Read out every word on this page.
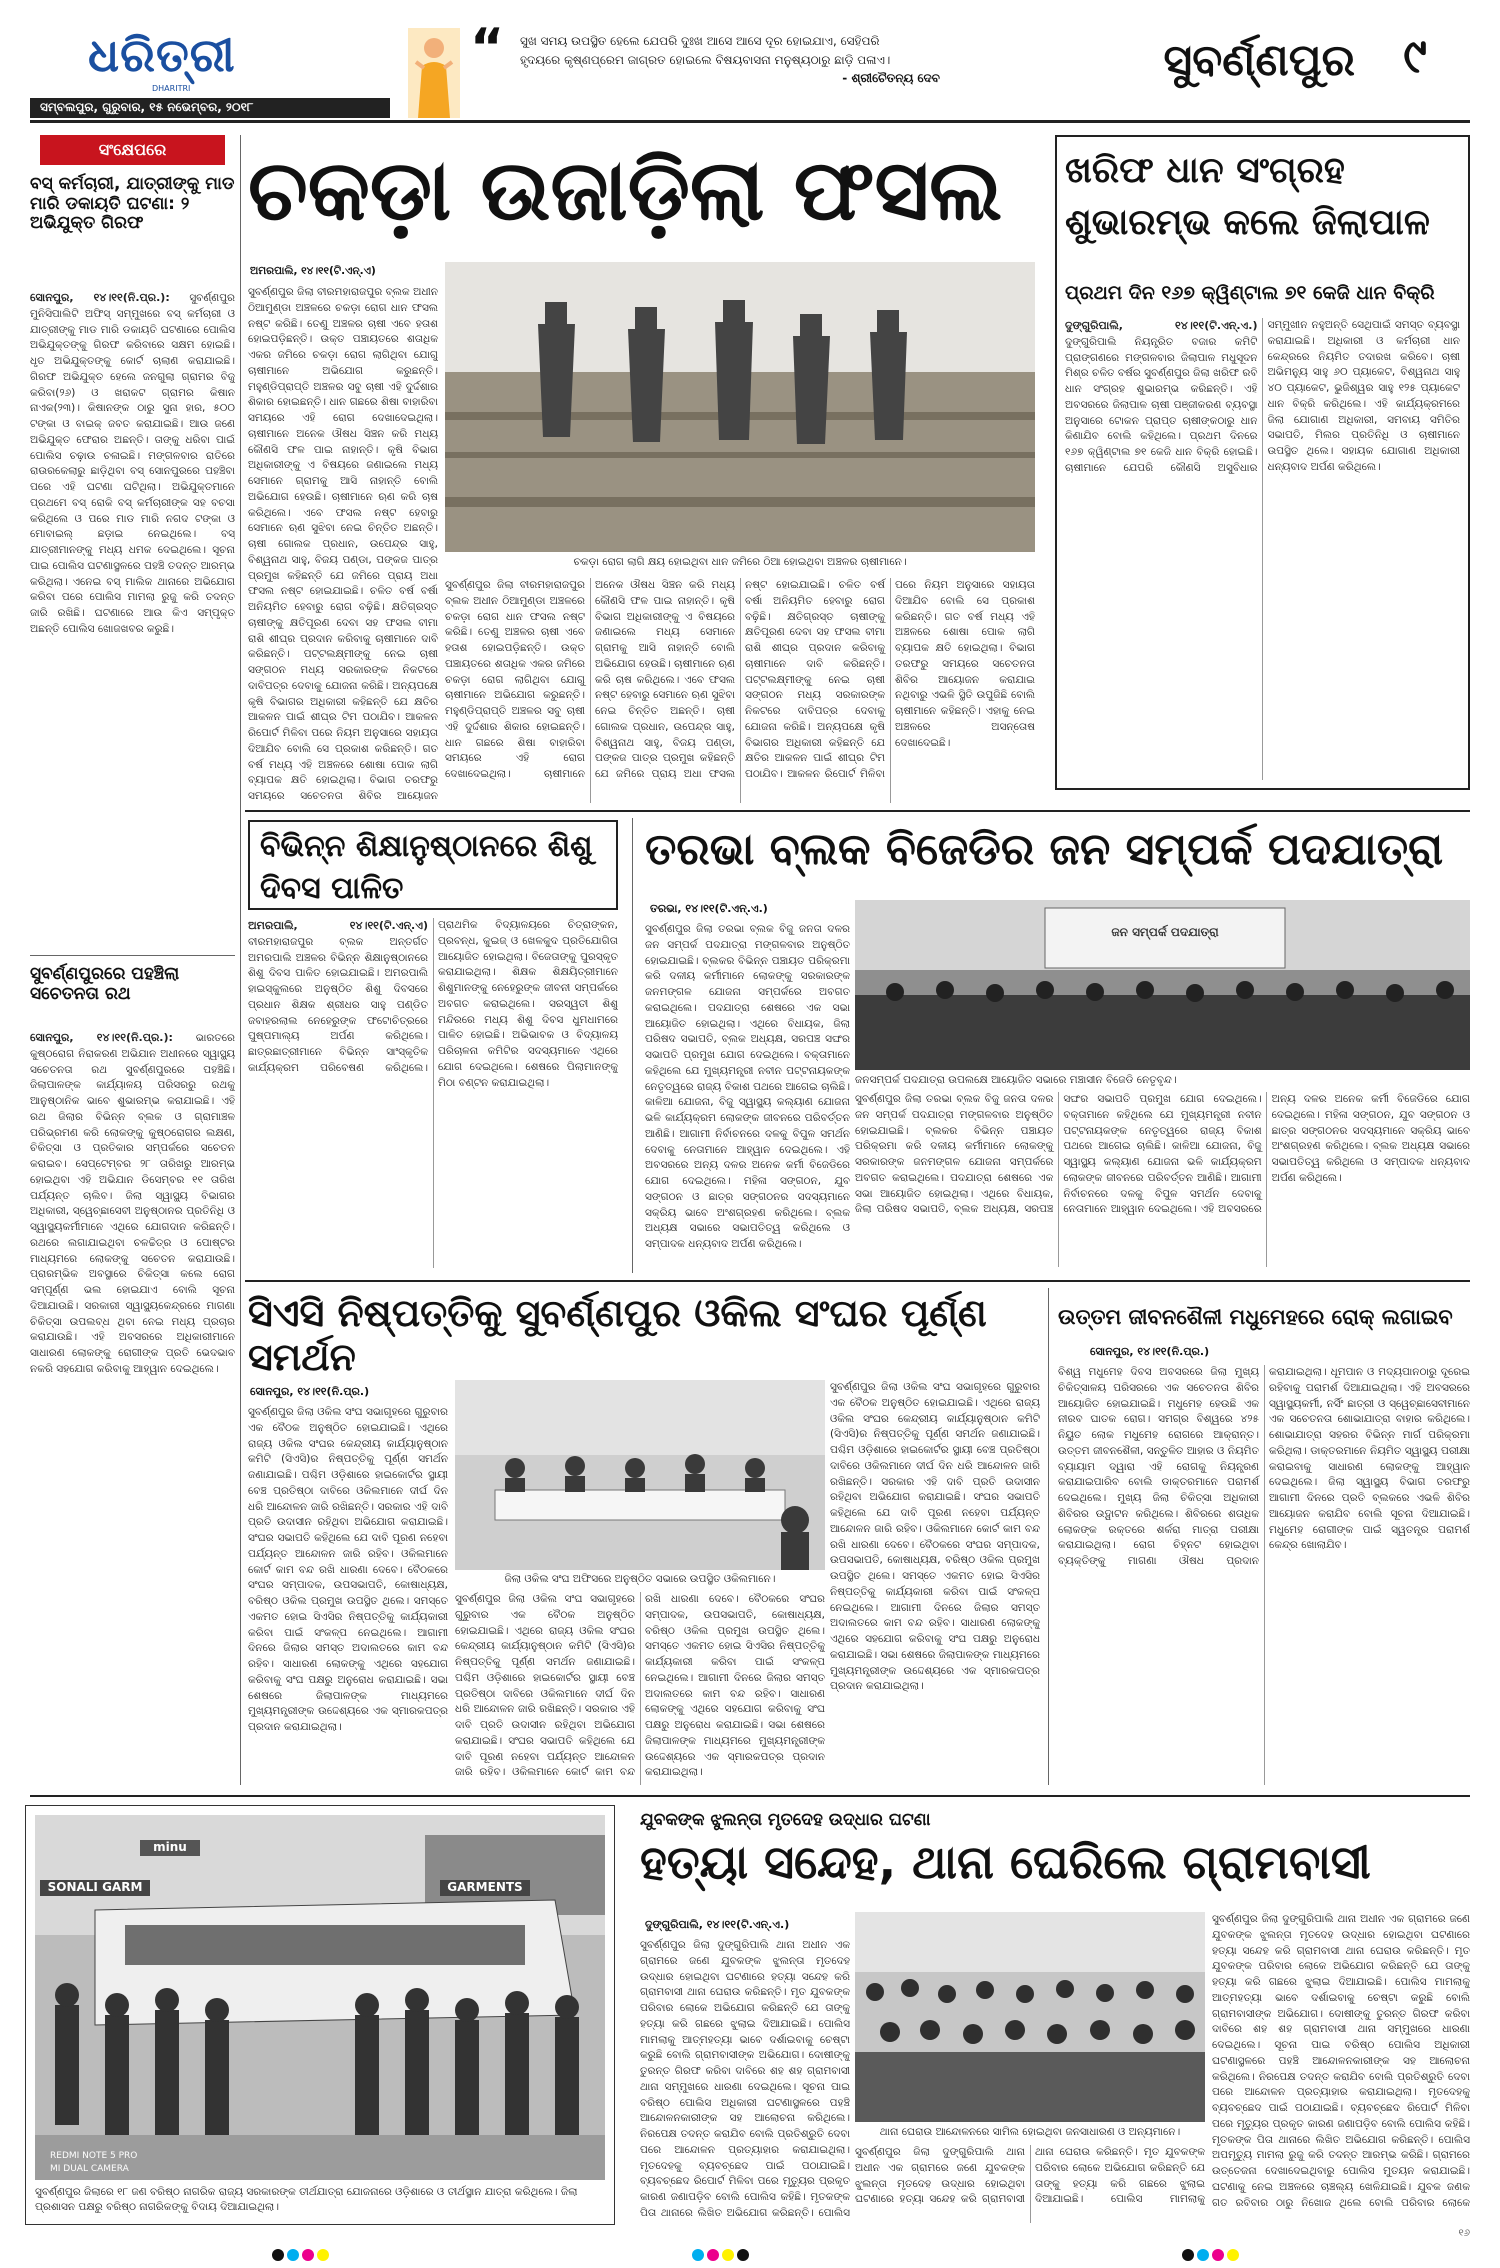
ଧରିତ୍ରୀ
DHARITRI
ସମ୍ବଲପୁର, ଗୁରୁବାର, ୧୫ ନଭେମ୍ବର, ୨୦୧୮
“ ସୁଖ ସମୟ ଉପସ୍ଥିତ ହେଲେ ଯେପରି ଦୁଃଖ ଆସେ ଆସେ ଦୂର ହୋଇଯାଏ, ସେହିପରି
ହୃଦୟରେ କୃଷ୍ଣପ୍ରେମ ଜାଗ୍ରତ ହୋଇଲେ ବିଷୟବାସନା ମନୁଷ୍ୟଠାରୁ ଛାଡ଼ି ପଳାଏ।
- ଶ୍ରୀଚୈତନ୍ୟ ଦେବ	ସୁବର୍ଣ୍ଣପୁର	୯
ସଂକ୍ଷେପରେ
ବସ୍ କର୍ମଚାରୀ, ଯାତ୍ରୀଙ୍କୁ ମାଡ ମାରି ଡକାୟତି ଘଟଣା: ୨ ଅଭିଯୁକ୍ତ ଗିରଫ

ସୋନପୁର, ୧୪।୧୧(ନି.ପ୍ର.): ସୁବର୍ଣ୍ଣପୁର ମୁନିସିପାଲିଟି ଅଫିସ୍ ସମ୍ମୁଖରେ ବସ୍ କର୍ମଚାରୀ ଓ ଯାତ୍ରୀଙ୍କୁ ମାଡ ମାରି ଡକାୟତି ଘଟଣାରେ ପୋଲିସ ଅଭିଯୁକ୍ତଙ୍କୁ ଗିରଫ କରିବାରେ ସକ୍ଷମ ହୋଇଛି। ଧୃତ ଅଭିଯୁକ୍ତଙ୍କୁ କୋର୍ଟ ଚାଲାଣ କରାଯାଇଛି। ଗିରଫ ଅଭିଯୁକ୍ତ ହେଲେ ଜନଗୁଲା ଗ୍ରାମର ବିଜୁ କରିବା(୨୬) ଓ ଖରାକଟ ଗ୍ରାମର କିଷାନ ନାଏକ(୨୩)। କିଷାନଙ୍କ ଠାରୁ ସୁନା ହାର, ୫୦୦ ଟଙ୍କା ଓ ବାଇକ୍ ଜବତ କରାଯାଇଛି। ଆଉ ଜଣେ ଅଭିଯୁକ୍ତ ଫେରାର ଅଛନ୍ତି। ତାଙ୍କୁ ଧରିବା ପାଇଁ ପୋଲିସ ଚଢ଼ାଉ ଚଳାଇଛି। ମଙ୍ଗଳବାର ରାତିରେ ରାଉରକେଲାରୁ ଛାଡ଼ିଥିବା ବସ୍ ସୋନପୁରରେ ପହଞ୍ଚିବା ପରେ ଏହି ଘଟଣା ଘଟିଥିଲା। ଅଭିଯୁକ୍ତମାନେ ପ୍ରଥମେ ବସ୍ ରୋକି ବସ୍ କର୍ମଚାରୀଙ୍କ ସହ ବଚସା କରିଥିଲେ ଓ ପରେ ମାଡ ମାରି ନଗଦ ଟଙ୍କା ଓ ମୋବାଇଲ୍ ଛଡ଼ାଇ ନେଇଥିଲେ। ବସ୍ ଯାତ୍ରୀମାନଙ୍କୁ ମଧ୍ୟ ଧମକ ଦେଇଥିଲେ। ସୂଚନା ପାଇ ପୋଲିସ ଘଟଣାସ୍ଥଳରେ ପହଞ୍ଚି ତଦନ୍ତ ଆରମ୍ଭ କରିଥିଲା। ଏନେଇ ବସ୍ ମାଲିକ ଥାନାରେ ଅଭିଯୋଗ କରିବା ପରେ ପୋଲିସ ମାମଲା ରୁଜୁ କରି ତଦନ୍ତ ଜାରି ରଖିଛି। ଘଟଣାରେ ଆଉ କିଏ ସମ୍ପୃକ୍ତ ଅଛନ୍ତି ପୋଲିସ ଖୋଜଖବର କରୁଛି।

ସୁବର୍ଣ୍ଣପୁରରେ ପହଞ୍ଚିଲା ସଚେତନତା ରଥ

ସୋନପୁର, ୧୪।୧୧(ନି.ପ୍ର.): ଭାରତରେ କୁଷ୍ଠରୋଗ ନିରାକରଣ ଅଭିଯାନ ଅଧୀନରେ ସ୍ୱାସ୍ଥ୍ୟ ସଚେତନତା ରଥ ସୁବର୍ଣ୍ଣପୁରରେ ପହଞ୍ଚିଛି। ଜିଲାପାଳଙ୍କ କାର୍ଯ୍ୟାଳୟ ପରିସରରୁ ରଥକୁ ଆନୁଷ୍ଠାନିକ ଭାବେ ଶୁଭାରମ୍ଭ କରାଯାଇଛି। ଏହି ରଥ ଜିଲାର ବିଭିନ୍ନ ବ୍ଲକ ଓ ଗ୍ରାମାଞ୍ଚଳ ପରିଭ୍ରମଣ କରି ଲୋକଙ୍କୁ କୁଷ୍ଠରୋଗର ଲକ୍ଷଣ, ଚିକିତ୍ସା ଓ ପ୍ରତିକାର ସମ୍ପର୍କରେ ସଚେତନ କରାଇବ। ସେପ୍ଟେମ୍ବର ୨୮ ତାରିଖରୁ ଆରମ୍ଭ ହୋଇଥିବା ଏହି ଅଭିଯାନ ଡିସେମ୍ବର ୧୧ ତାରିଖ ପର୍ଯ୍ୟନ୍ତ ଚାଲିବ। ଜିଲା ସ୍ୱାସ୍ଥ୍ୟ ବିଭାଗର ଅଧିକାରୀ, ସ୍ୱେଚ୍ଛାସେବୀ ଅନୁଷ୍ଠାନର ପ୍ରତିନିଧି ଓ ସ୍ୱାସ୍ଥ୍ୟକର୍ମୀମାନେ ଏଥିରେ ଯୋଗଦାନ କରିଛନ୍ତି। ରଥରେ ଲଗାଯାଇଥିବା ଚଳଚ୍ଚିତ୍ର ଓ ପୋଷ୍ଟର ମାଧ୍ୟମରେ ଲୋକଙ୍କୁ ସଚେତନ କରାଯାଉଛି। ପ୍ରାରମ୍ଭିକ ଅବସ୍ଥାରେ ଚିକିତ୍ସା କଲେ ରୋଗ ସମ୍ପୂର୍ଣ୍ଣ ଭଲ ହୋଇଯାଏ ବୋଲି ସୂଚନା ଦିଆଯାଉଛି। ସରକାରୀ ସ୍ୱାସ୍ଥ୍ୟକେନ୍ଦ୍ରରେ ମାଗଣା ଚିକିତ୍ସା ଉପଲବ୍ଧ ଥିବା ନେଇ ମଧ୍ୟ ପ୍ରଚାର କରାଯାଉଛି। ଏହି ଅବସରରେ ଅଧିକାରୀମାନେ ସାଧାରଣ ଲୋକଙ୍କୁ ରୋଗୀଙ୍କ ପ୍ରତି ଭେଦଭାବ ନକରି ସହଯୋଗ କରିବାକୁ ଆହ୍ୱାନ ଦେଇଥିଲେ।

ଚକଡ଼ା ଉଜାଡ଼ିଲା ଫସଲ
ଅମରପାଲି, ୧୪।୧୧(ଟି.ଏନ୍.ଏ)
ଚକଡ଼ା ରୋଗ ଲାଗି କ୍ଷୟ ହୋଇଥିବା ଧାନ ଜମିରେ ଠିଆ ହୋଇଥିବା ଅଞ୍ଚଳର ଚାଷୀମାନେ।

ସୁବର୍ଣ୍ଣପୁର ଜିଲା ବୀରମହାରାଜପୁର ବ୍ଲକ ଅଧୀନ ଠିଆମୁଣ୍ଡା ଅଞ୍ଚଳରେ ଚକଡ଼ା ରୋଗ ଧାନ ଫସଲ ନଷ୍ଟ କରିଛି। ତେଣୁ ଅଞ୍ଚଳର ଚାଷୀ ଏବେ ହତାଶ ହୋଇପଡ଼ିଛନ୍ତି। ଉକ୍ତ ପଞ୍ଚାୟତରେ ଶତାଧିକ ଏକର ଜମିରେ ଚକଡ଼ା ରୋଗ ଲାଗିଥିବା ଯୋଗୁ ଚାଷୀମାନେ ଅଭିଯୋଗ କରୁଛନ୍ତି। ମହୁଣ୍ଡିପ୍ରାପ୍ତି ଅଞ୍ଚଳର ସବୁ ଚାଷୀ ଏହି ଦୁର୍ଦ୍ଦଶାର ଶିକାର ହୋଇଛନ୍ତି। ଧାନ ଗଛରେ ଶିଷା ବାହାରିବା ସମୟରେ ଏହି ରୋଗ ଦେଖାଦେଇଥିଲା। ଚାଷୀମାନେ ଅନେକ ଔଷଧ ସିଞ୍ଚନ କରି ମଧ୍ୟ କୌଣସି ଫଳ ପାଇ ନାହାନ୍ତି। କୃଷି ବିଭାଗ ଅଧିକାରୀଙ୍କୁ ଏ ବିଷୟରେ ଜଣାଇଲେ ମଧ୍ୟ ସେମାନେ ଗ୍ରାମକୁ ଆସି ନାହାନ୍ତି ବୋଲି ଅଭିଯୋଗ ହେଉଛି। ଚାଷୀମାନେ ଋଣ କରି ଚାଷ କରିଥିଲେ। ଏବେ ଫସଲ ନଷ୍ଟ ହେବାରୁ ସେମାନେ ଋଣ ସୁଝିବା ନେଇ ଚିନ୍ତିତ ଅଛନ୍ତି। ଚାଷୀ ଗୋଲକ ପ୍ରଧାନ, ଉପେନ୍ଦ୍ର ସାହୁ, ବିଶ୍ୱନାଥ ସାହୁ, ବିଜୟ ପଣ୍ଡା, ପଙ୍କଜ ପାତ୍ର ପ୍ରମୁଖ କହିଛନ୍ତି ଯେ ଜମିରେ ପ୍ରାୟ ଅଧା ଫସଲ ନଷ୍ଟ ହୋଇଯାଇଛି। ଚଳିତ ବର୍ଷ ବର୍ଷା ଅନିୟମିତ ହେବାରୁ ରୋଗ ବଢ଼ିଛି। କ୍ଷତିଗ୍ରସ୍ତ ଚାଷୀଙ୍କୁ କ୍ଷତିପୂରଣ ଦେବା ସହ ଫସଲ ବୀମା ରାଶି ଶୀଘ୍ର ପ୍ରଦାନ କରିବାକୁ ଚାଷୀମାନେ ଦାବି କରିଛନ୍ତି। ପଟ୍ଟଲକ୍ଷ୍ମୀଙ୍କୁ ନେଇ ଚାଷୀ ସଙ୍ଗଠନ ମଧ୍ୟ ସରକାରଙ୍କ ନିକଟରେ ଦାବିପତ୍ର ଦେବାକୁ ଯୋଜନା କରିଛି। ଅନ୍ୟପକ୍ଷେ କୃଷି ବିଭାଗର ଅଧିକାରୀ କହିଛନ୍ତି ଯେ କ୍ଷତିର ଆକଳନ ପାଇଁ ଶୀଘ୍ର ଟିମ ପଠାଯିବ। ଆକଳନ ରିପୋର୍ଟ ମିଳିବା ପରେ ନିୟମ ଅନୁସାରେ ସହାୟତା ଦିଆଯିବ ବୋଲି ସେ ପ୍ରକାଶ କରିଛନ୍ତି। ଗତ ବର୍ଷ ମଧ୍ୟ ଏହି ଅଞ୍ଚଳରେ ଶୋଷା ପୋକ ଲାଗି ବ୍ୟାପକ କ୍ଷତି ହୋଇଥିଲା। ବିଭାଗ ତରଫରୁ ସମୟରେ ସଚେତନତା ଶିବିର ଆୟୋଜନ

ସୁବର୍ଣ୍ଣପୁର ଜିଲା ବୀରମହାରାଜପୁର ବ୍ଲକ ଅଧୀନ ଠିଆମୁଣ୍ଡା ଅଞ୍ଚଳରେ ଚକଡ଼ା ରୋଗ ଧାନ ଫସଲ ନଷ୍ଟ କରିଛି। ତେଣୁ ଅଞ୍ଚଳର ଚାଷୀ ଏବେ ହତାଶ ହୋଇପଡ଼ିଛନ୍ତି। ଉକ୍ତ ପଞ୍ଚାୟତରେ ଶତାଧିକ ଏକର ଜମିରେ ଚକଡ଼ା ରୋଗ ଲାଗିଥିବା ଯୋଗୁ ଚାଷୀମାନେ ଅଭିଯୋଗ କରୁଛନ୍ତି। ମହୁଣ୍ଡିପ୍ରାପ୍ତି ଅଞ୍ଚଳର ସବୁ ଚାଷୀ ଏହି ଦୁର୍ଦ୍ଦଶାର ଶିକାର ହୋଇଛନ୍ତି। ଧାନ ଗଛରେ ଶିଷା ବାହାରିବା ସମୟରେ ଏହି ରୋଗ ଦେଖାଦେଇଥିଲା। ଚାଷୀମାନେ ଅନେକ ଔଷଧ ସିଞ୍ଚନ କରି ମଧ୍ୟ କୌଣସି ଫଳ ପାଇ ନାହାନ୍ତି। କୃଷି ବିଭାଗ ଅଧିକାରୀଙ୍କୁ ଏ ବିଷୟରେ ଜଣାଇଲେ ମଧ୍ୟ ସେମାନେ ଗ୍ରାମକୁ ଆସି ନାହାନ୍ତି ବୋଲି ଅଭିଯୋଗ ହେଉଛି। ଚାଷୀମାନେ ଋଣ କରି ଚାଷ କରିଥିଲେ। ଏବେ ଫସଲ ନଷ୍ଟ ହେବାରୁ ସେମାନେ ଋଣ ସୁଝିବା ନେଇ ଚିନ୍ତିତ ଅଛନ୍ତି। ଚାଷୀ ଗୋଲକ ପ୍ରଧାନ, ଉପେନ୍ଦ୍ର ସାହୁ, ବିଶ୍ୱନାଥ ସାହୁ, ବିଜୟ ପଣ୍ଡା, ପଙ୍କଜ ପାତ୍ର ପ୍ରମୁଖ କହିଛନ୍ତି ଯେ ଜମିରେ ପ୍ରାୟ ଅଧା ଫସଲ ନଷ୍ଟ ହୋଇଯାଇଛି। ଚଳିତ ବର୍ଷ ବର୍ଷା ଅନିୟମିତ ହେବାରୁ ରୋଗ ବଢ଼ିଛି। କ୍ଷତିଗ୍ରସ୍ତ ଚାଷୀଙ୍କୁ କ୍ଷତିପୂରଣ ଦେବା ସହ ଫସଲ ବୀମା ରାଶି ଶୀଘ୍ର ପ୍ରଦାନ କରିବାକୁ ଚାଷୀମାନେ ଦାବି କରିଛନ୍ତି। ପଟ୍ଟଲକ୍ଷ୍ମୀଙ୍କୁ ନେଇ ଚାଷୀ ସଙ୍ଗଠନ ମଧ୍ୟ ସରକାରଙ୍କ ନିକଟରେ ଦାବିପତ୍ର ଦେବାକୁ ଯୋଜନା କରିଛି। ଅନ୍ୟପକ୍ଷେ କୃଷି ବିଭାଗର ଅଧିକାରୀ କହିଛନ୍ତି ଯେ କ୍ଷତିର ଆକଳନ ପାଇଁ ଶୀଘ୍ର ଟିମ ପଠାଯିବ। ଆକଳନ ରିପୋର୍ଟ ମିଳିବା ପରେ ନିୟମ ଅନୁସାରେ ସହାୟତା ଦିଆଯିବ ବୋଲି ସେ ପ୍ରକାଶ କରିଛନ୍ତି। ଗତ ବର୍ଷ ମଧ୍ୟ ଏହି ଅଞ୍ଚଳରେ ଶୋଷା ପୋକ ଲାଗି ବ୍ୟାପକ କ୍ଷତି ହୋଇଥିଲା। ବିଭାଗ ତରଫରୁ ସମୟରେ ସଚେତନତା ଶିବିର ଆୟୋଜନ କରାଯାଇ ନଥିବାରୁ ଏଭଳି ସ୍ଥିତି ଉପୁଜିଛି ବୋଲି ଚାଷୀମାନେ କହିଛନ୍ତି। ଏହାକୁ ନେଇ ଅଞ୍ଚଳରେ ଅସନ୍ତୋଷ ଦେଖାଦେଇଛି।

ଖରିଫ ଧାନ ସଂଗ୍ରହ ଶୁଭାରମ୍ଭ କଲେ ଜିଲାପାଳ
ପ୍ରଥମ ଦିନ ୧୬୭ କ୍ୱିଣ୍ଟାଲ ୭୧ କେଜି ଧାନ ବିକ୍ରି

ଦୁଙ୍ଗୁରିପାଲି, ୧୪।୧୧(ଟି.ଏନ୍.ଏ.) ଦୁଙ୍ଗୁରିପାଲି ନିୟନ୍ତ୍ରିତ ବଜାର କମିଟି ପ୍ରାଙ୍ଗଣରେ ମଙ୍ଗଳବାର ଜିଲାପାଳ ମଧୁସୂଦନ ମିଶ୍ର ଚଳିତ ବର୍ଷର ସୁବର୍ଣ୍ଣପୁର ଜିଲା ଖରିଫ ରବି ଧାନ ସଂଗ୍ରହ ଶୁଭାରମ୍ଭ କରିଛନ୍ତି। ଏହି ଅବସରରେ ଜିଲାପାଳ ଚାଷୀ ପଞ୍ଜୀକରଣ ବ୍ୟବସ୍ଥା ଅନୁସାରେ ଟୋକନ ପ୍ରାପ୍ତ ଚାଷୀଙ୍କଠାରୁ ଧାନ କିଣାଯିବ ବୋଲି କହିଥିଲେ। ପ୍ରଥମ ଦିନରେ ୧୬୭ କ୍ୱିଣ୍ଟାଲ ୭୧ କେଜି ଧାନ ବିକ୍ରି ହୋଇଛି। ଚାଷୀମାନେ ଯେପରି କୌଣସି ଅସୁବିଧାର ସମ୍ମୁଖୀନ ନହୁଅନ୍ତି ସେଥିପାଇଁ ସମସ୍ତ ବ୍ୟବସ୍ଥା କରାଯାଇଛି। ଅଧିକାରୀ ଓ କର୍ମଚାରୀ ଧାନ କେନ୍ଦ୍ରରେ ନିୟମିତ ତଦାରଖ କରିବେ। ଚାଷୀ ଅଭିମନ୍ୟୁ ସାହୁ ୬୦ ପ୍ୟାକେଟ, ବିଶ୍ୱନାଥ ସାହୁ ୪୦ ପ୍ୟାକେଟ, ଭୁଜିଶ୍ୱର ସାହୁ ୧୨୫ ପ୍ୟାକେଟ ଧାନ ବିକ୍ରି କରିଥିଲେ। ଏହି କାର୍ଯ୍ୟକ୍ରମରେ ଜିଲା ଯୋଗାଣ ଅଧିକାରୀ, ସମବାୟ ସମିତିର ସଭାପତି, ମିଲର ପ୍ରତିନିଧି ଓ ଚାଷୀମାନେ ଉପସ୍ଥିତ ଥିଲେ। ସହାୟକ ଯୋଗାଣ ଅଧିକାରୀ ଧନ୍ୟବାଦ ଅର୍ପଣ କରିଥିଲେ।

ବିଭିନ୍ନ ଶିକ୍ଷାନୁଷ୍ଠାନରେ ଶିଶୁ ଦିବସ ପାଳିତ

ଅମରପାଲି, ୧୪।୧୧(ଟି.ଏନ୍.ଏ) ବୀରମହାରାଜପୁର ବ୍ଲକ ଅନ୍ତର୍ଗତ ଅମରପାଲି ଅଞ୍ଚଳର ବିଭିନ୍ନ ଶିକ୍ଷାନୁଷ୍ଠାନରେ ଶିଶୁ ଦିବସ ପାଳିତ ହୋଇଯାଇଛି। ଅମରପାଲି ହାଇସ୍କୁଲରେ ଅନୁଷ୍ଠିତ ଶିଶୁ ଦିବସରେ ପ୍ରଧାନ ଶିକ୍ଷକ ଶ୍ରୀଧର ସାହୁ ପଣ୍ଡିତ ଜବାହରଲାଲ ନେହେରୁଙ୍କ ଫଟୋଚିତ୍ରରେ ପୁଷ୍ପମାଲ୍ୟ ଅର୍ପଣ କରିଥିଲେ। ଛାତ୍ରଛାତ୍ରୀମାନେ ବିଭିନ୍ନ ସାଂସ୍କୃତିକ କାର୍ଯ୍ୟକ୍ରମ ପରିବେଷଣ କରିଥିଲେ। ପ୍ରାଥମିକ ବିଦ୍ୟାଳୟରେ ଚିତ୍ରାଙ୍କନ, ପ୍ରବନ୍ଧ, କୁଇଜ୍ ଓ ଖେଳକୁଦ ପ୍ରତିଯୋଗିତା ଆୟୋଜିତ ହୋଇଥିଲା। ବିଜେତାଙ୍କୁ ପୁରସ୍କୃତ କରାଯାଇଥିଲା। ଶିକ୍ଷକ ଶିକ୍ଷୟିତ୍ରୀମାନେ ଶିଶୁମାନଙ୍କୁ ନେହେରୁଙ୍କ ଜୀବନୀ ସମ୍ପର୍କରେ ଅବଗତ କରାଇଥିଲେ। ସରସ୍ୱତୀ ଶିଶୁ ମନ୍ଦିରରେ ମଧ୍ୟ ଶିଶୁ ଦିବସ ଧୁମଧାମରେ ପାଳିତ ହୋଇଛି। ଅଭିଭାବକ ଓ ବିଦ୍ୟାଳୟ ପରିଚାଳନା କମିଟିର ସଦସ୍ୟମାନେ ଏଥିରେ ଯୋଗ ଦେଇଥିଲେ। ଶେଷରେ ପିଲାମାନଙ୍କୁ ମିଠା ବଣ୍ଟନ କରାଯାଇଥିଲା।

ତରଭା ବ୍ଲକ ବିଜେଡିର ଜନ ସମ୍ପର୍କ ପଦଯାତ୍ରା
ତରଭା, ୧୪।୧୧(ଟି.ଏନ୍.ଏ.)
ଜନ ସମ୍ପର୍କ ପଦଯାତ୍ରା
ଜନସମ୍ପର୍କ ପଦଯାତ୍ରା ଉପଲକ୍ଷେ ଆୟୋଜିତ ସଭାରେ ମଞ୍ଚାସୀନ ବିଜେଡି ନେତୃବୃନ୍ଦ।

ସୁବର୍ଣ୍ଣପୁର ଜିଲା ତରଭା ବ୍ଲକ ବିଜୁ ଜନତା ଦଳର ଜନ ସମ୍ପର୍କ ପଦଯାତ୍ରା ମଙ୍ଗଳବାର ଅନୁଷ୍ଠିତ ହୋଇଯାଇଛି। ବ୍ଲକର ବିଭିନ୍ନ ପଞ୍ଚାୟତ ପରିକ୍ରମା କରି ଦଳୀୟ କର୍ମୀମାନେ ଲୋକଙ୍କୁ ସରକାରଙ୍କ ଜନମଙ୍ଗଳ ଯୋଜନା ସମ୍ପର୍କରେ ଅବଗତ କରାଇଥିଲେ। ପଦଯାତ୍ରା ଶେଷରେ ଏକ ସଭା ଆୟୋଜିତ ହୋଇଥିଲା। ଏଥିରେ ବିଧାୟକ, ଜିଲା ପରିଷଦ ସଭାପତି, ବ୍ଲକ ଅଧ୍ୟକ୍ଷ, ସରପଞ୍ଚ ସଙ୍ଘର ସଭାପତି ପ୍ରମୁଖ ଯୋଗ ଦେଇଥିଲେ। ବକ୍ତାମାନେ କହିଥିଲେ ଯେ ମୁଖ୍ୟମନ୍ତ୍ରୀ ନବୀନ ପଟ୍ଟନାୟକଙ୍କ ନେତୃତ୍ୱରେ ରାଜ୍ୟ ବିକାଶ ପଥରେ ଆଗେଇ ଚାଲିଛି। କାଳିଆ ଯୋଜନା, ବିଜୁ ସ୍ୱାସ୍ଥ୍ୟ କଲ୍ୟାଣ ଯୋଜନା ଭଳି କାର୍ଯ୍ୟକ୍ରମ ଲୋକଙ୍କ ଜୀବନରେ ପରିବର୍ତ୍ତନ ଆଣିଛି। ଆଗାମୀ ନିର୍ବାଚନରେ ଦଳକୁ ବିପୁଳ ସମର୍ଥନ ଦେବାକୁ ନେତାମାନେ ଆହ୍ୱାନ ଦେଇଥିଲେ। ଏହି ଅବସରରେ ଅନ୍ୟ ଦଳର ଅନେକ କର୍ମୀ ବିଜେଡିରେ ଯୋଗ ଦେଇଥିଲେ। ମହିଳା ସଙ୍ଗଠନ, ଯୁବ ସଙ୍ଗଠନ ଓ ଛାତ୍ର ସଙ୍ଗଠନର ସଦସ୍ୟମାନେ ସକ୍ରିୟ ଭାବେ ଅଂଶଗ୍ରହଣ କରିଥିଲେ। ବ୍ଲକ ଅଧ୍ୟକ୍ଷ ସଭାରେ ସଭାପତିତ୍ୱ କରିଥିଲେ ଓ ସମ୍ପାଦକ ଧନ୍ୟବାଦ ଅର୍ପଣ କରିଥିଲେ।

ସୁବର୍ଣ୍ଣପୁର ଜିଲା ତରଭା ବ୍ଲକ ବିଜୁ ଜନତା ଦଳର ଜନ ସମ୍ପର୍କ ପଦଯାତ୍ରା ମଙ୍ଗଳବାର ଅନୁଷ୍ଠିତ ହୋଇଯାଇଛି। ବ୍ଲକର ବିଭିନ୍ନ ପଞ୍ଚାୟତ ପରିକ୍ରମା କରି ଦଳୀୟ କର୍ମୀମାନେ ଲୋକଙ୍କୁ ସରକାରଙ୍କ ଜନମଙ୍ଗଳ ଯୋଜନା ସମ୍ପର୍କରେ ଅବଗତ କରାଇଥିଲେ। ପଦଯାତ୍ରା ଶେଷରେ ଏକ ସଭା ଆୟୋଜିତ ହୋଇଥିଲା। ଏଥିରେ ବିଧାୟକ, ଜିଲା ପରିଷଦ ସଭାପତି, ବ୍ଲକ ଅଧ୍ୟକ୍ଷ, ସରପଞ୍ଚ ସଙ୍ଘର ସଭାପତି ପ୍ରମୁଖ ଯୋଗ ଦେଇଥିଲେ। ବକ୍ତାମାନେ କହିଥିଲେ ଯେ ମୁଖ୍ୟମନ୍ତ୍ରୀ ନବୀନ ପଟ୍ଟନାୟକଙ୍କ ନେତୃତ୍ୱରେ ରାଜ୍ୟ ବିକାଶ ପଥରେ ଆଗେଇ ଚାଲିଛି। କାଳିଆ ଯୋଜନା, ବିଜୁ ସ୍ୱାସ୍ଥ୍ୟ କଲ୍ୟାଣ ଯୋଜନା ଭଳି କାର୍ଯ୍ୟକ୍ରମ ଲୋକଙ୍କ ଜୀବନରେ ପରିବର୍ତ୍ତନ ଆଣିଛି। ଆଗାମୀ ନିର୍ବାଚନରେ ଦଳକୁ ବିପୁଳ ସମର୍ଥନ ଦେବାକୁ ନେତାମାନେ ଆହ୍ୱାନ ଦେଇଥିଲେ। ଏହି ଅବସରରେ ଅନ୍ୟ ଦଳର ଅନେକ କର୍ମୀ ବିଜେଡିରେ ଯୋଗ ଦେଇଥିଲେ। ମହିଳା ସଙ୍ଗଠନ, ଯୁବ ସଙ୍ଗଠନ ଓ ଛାତ୍ର ସଙ୍ଗଠନର ସଦସ୍ୟମାନେ ସକ୍ରିୟ ଭାବେ ଅଂଶଗ୍ରହଣ କରିଥିଲେ। ବ୍ଲକ ଅଧ୍ୟକ୍ଷ ସଭାରେ ସଭାପତିତ୍ୱ କରିଥିଲେ ଓ ସମ୍ପାଦକ ଧନ୍ୟବାଦ ଅର୍ପଣ କରିଥିଲେ।

ସିଏସି ନିଷ୍ପତ୍ତିକୁ ସୁବର୍ଣ୍ଣପୁର ଓକିଲ ସଂଘର ପୂର୍ଣ୍ଣ ସମର୍ଥନ
ସୋନପୁର, ୧୪।୧୧(ନି.ପ୍ର.)
ଜିଲା ଓକିଲ ସଂଘ ଅଫିସରେ ଅନୁଷ୍ଠିତ ସଭାରେ ଉପସ୍ଥିତ ଓକିଲମାନେ।

ସୁବର୍ଣ୍ଣପୁର ଜିଲା ଓକିଲ ସଂଘ ସଭାଗୃହରେ ଗୁରୁବାର ଏକ ବୈଠକ ଅନୁଷ୍ଠିତ ହୋଇଯାଇଛି। ଏଥିରେ ରାଜ୍ୟ ଓକିଲ ସଂଘର କେନ୍ଦ୍ରୀୟ କାର୍ଯ୍ୟାନୁଷ୍ଠାନ କମିଟି (ସିଏସି)ର ନିଷ୍ପତ୍ତିକୁ ପୂର୍ଣ୍ଣ ସମର୍ଥନ ଜଣାଯାଇଛି। ପଶ୍ଚିମ ଓଡ଼ିଶାରେ ହାଇକୋର୍ଟର ସ୍ଥାୟୀ ବେଞ୍ଚ ପ୍ରତିଷ୍ଠା ଦାବିରେ ଓକିଲମାନେ ଦୀର୍ଘ ଦିନ ଧରି ଆନ୍ଦୋଳନ ଜାରି ରଖିଛନ୍ତି। ସରକାର ଏହି ଦାବି ପ୍ରତି ଉଦାସୀନ ରହିଥିବା ଅଭିଯୋଗ କରାଯାଇଛି। ସଂଘର ସଭାପତି କହିଥିଲେ ଯେ ଦାବି ପୂରଣ ନହେବା ପର୍ଯ୍ୟନ୍ତ ଆନ୍ଦୋଳନ ଜାରି ରହିବ। ଓକିଲମାନେ କୋର୍ଟ କାମ ବନ୍ଦ ରଖି ଧାରଣା ଦେବେ। ବୈଠକରେ ସଂଘର ସମ୍ପାଦକ, ଉପସଭାପତି, କୋଷାଧ୍ୟକ୍ଷ, ବରିଷ୍ଠ ଓକିଲ ପ୍ରମୁଖ ଉପସ୍ଥିତ ଥିଲେ। ସମସ୍ତେ ଏକମତ ହୋଇ ସିଏସିର ନିଷ୍ପତ୍ତିକୁ କାର୍ଯ୍ୟକାରୀ କରିବା ପାଇଁ ସଂକଳ୍ପ ନେଇଥିଲେ। ଆଗାମୀ ଦିନରେ ଜିଲାର ସମସ୍ତ ଅଦାଲତରେ କାମ ବନ୍ଦ ରହିବ। ସାଧାରଣ ଲୋକଙ୍କୁ ଏଥିରେ ସହଯୋଗ କରିବାକୁ ସଂଘ ପକ୍ଷରୁ ଅନୁରୋଧ କରାଯାଇଛି। ସଭା ଶେଷରେ ଜିଲାପାଳଙ୍କ ମାଧ୍ୟମରେ ମୁଖ୍ୟମନ୍ତ୍ରୀଙ୍କ ଉଦ୍ଦେଶ୍ୟରେ ଏକ ସ୍ମାରକପତ୍ର ପ୍ରଦାନ କରାଯାଇଥିଲା।

ସୁବର୍ଣ୍ଣପୁର ଜିଲା ଓକିଲ ସଂଘ ସଭାଗୃହରେ ଗୁରୁବାର ଏକ ବୈଠକ ଅନୁଷ୍ଠିତ ହୋଇଯାଇଛି। ଏଥିରେ ରାଜ୍ୟ ଓକିଲ ସଂଘର କେନ୍ଦ୍ରୀୟ କାର୍ଯ୍ୟାନୁଷ୍ଠାନ କମିଟି (ସିଏସି)ର ନିଷ୍ପତ୍ତିକୁ ପୂର୍ଣ୍ଣ ସମର୍ଥନ ଜଣାଯାଇଛି। ପଶ୍ଚିମ ଓଡ଼ିଶାରେ ହାଇକୋର୍ଟର ସ୍ଥାୟୀ ବେଞ୍ଚ ପ୍ରତିଷ୍ଠା ଦାବିରେ ଓକିଲମାନେ ଦୀର୍ଘ ଦିନ ଧରି ଆନ୍ଦୋଳନ ଜାରି ରଖିଛନ୍ତି। ସରକାର ଏହି ଦାବି ପ୍ରତି ଉଦାସୀନ ରହିଥିବା ଅଭିଯୋଗ କରାଯାଇଛି। ସଂଘର ସଭାପତି କହିଥିଲେ ଯେ ଦାବି ପୂରଣ ନହେବା ପର୍ଯ୍ୟନ୍ତ ଆନ୍ଦୋଳନ ଜାରି ରହିବ। ଓକିଲମାନେ କୋର୍ଟ କାମ ବନ୍ଦ ରଖି ଧାରଣା ଦେବେ। ବୈଠକରେ ସଂଘର ସମ୍ପାଦକ, ଉପସଭାପତି, କୋଷାଧ୍ୟକ୍ଷ, ବରିଷ୍ଠ ଓକିଲ ପ୍ରମୁଖ ଉପସ୍ଥିତ ଥିଲେ। ସମସ୍ତେ ଏକମତ ହୋଇ ସିଏସିର ନିଷ୍ପତ୍ତିକୁ କାର୍ଯ୍ୟକାରୀ କରିବା ପାଇଁ ସଂକଳ୍ପ ନେଇଥିଲେ। ଆଗାମୀ ଦିନରେ ଜିଲାର ସମସ୍ତ ଅଦାଲତରେ କାମ ବନ୍ଦ ରହିବ। ସାଧାରଣ ଲୋକଙ୍କୁ ଏଥିରେ ସହଯୋଗ କରିବାକୁ ସଂଘ ପକ୍ଷରୁ ଅନୁରୋଧ କରାଯାଇଛି। ସଭା ଶେଷରେ ଜିଲାପାଳଙ୍କ ମାଧ୍ୟମରେ ମୁଖ୍ୟମନ୍ତ୍ରୀଙ୍କ ଉଦ୍ଦେଶ୍ୟରେ ଏକ ସ୍ମାରକପତ୍ର ପ୍ରଦାନ କରାଯାଇଥିଲା।

ସୁବର୍ଣ୍ଣପୁର ଜିଲା ଓକିଲ ସଂଘ ସଭାଗୃହରେ ଗୁରୁବାର ଏକ ବୈଠକ ଅନୁଷ୍ଠିତ ହୋଇଯାଇଛି। ଏଥିରେ ରାଜ୍ୟ ଓକିଲ ସଂଘର କେନ୍ଦ୍ରୀୟ କାର୍ଯ୍ୟାନୁଷ୍ଠାନ କମିଟି (ସିଏସି)ର ନିଷ୍ପତ୍ତିକୁ ପୂର୍ଣ୍ଣ ସମର୍ଥନ ଜଣାଯାଇଛି। ପଶ୍ଚିମ ଓଡ଼ିଶାରେ ହାଇକୋର୍ଟର ସ୍ଥାୟୀ ବେଞ୍ଚ ପ୍ରତିଷ୍ଠା ଦାବିରେ ଓକିଲମାନେ ଦୀର୍ଘ ଦିନ ଧରି ଆନ୍ଦୋଳନ ଜାରି ରଖିଛନ୍ତି। ସରକାର ଏହି ଦାବି ପ୍ରତି ଉଦାସୀନ ରହିଥିବା ଅଭିଯୋଗ କରାଯାଇଛି। ସଂଘର ସଭାପତି କହିଥିଲେ ଯେ ଦାବି ପୂରଣ ନହେବା ପର୍ଯ୍ୟନ୍ତ ଆନ୍ଦୋଳନ ଜାରି ରହିବ। ଓକିଲମାନେ କୋର୍ଟ କାମ ବନ୍ଦ ରଖି ଧାରଣା ଦେବେ। ବୈଠକରେ ସଂଘର ସମ୍ପାଦକ, ଉପସଭାପତି, କୋଷାଧ୍ୟକ୍ଷ, ବରିଷ୍ଠ ଓକିଲ ପ୍ରମୁଖ ଉପସ୍ଥିତ ଥିଲେ। ସମସ୍ତେ ଏକମତ ହୋଇ ସିଏସିର ନିଷ୍ପତ୍ତିକୁ କାର୍ଯ୍ୟକାରୀ କରିବା ପାଇଁ ସଂକଳ୍ପ ନେଇଥିଲେ। ଆଗାମୀ ଦିନରେ ଜିଲାର ସମସ୍ତ ଅଦାଲତରେ କାମ ବନ୍ଦ ରହିବ। ସାଧାରଣ ଲୋକଙ୍କୁ ଏଥିରେ ସହଯୋଗ କରିବାକୁ ସଂଘ ପକ୍ଷରୁ ଅନୁରୋଧ କରାଯାଇଛି। ସଭା ଶେଷରେ ଜିଲାପାଳଙ୍କ ମାଧ୍ୟମରେ ମୁଖ୍ୟମନ୍ତ୍ରୀଙ୍କ ଉଦ୍ଦେଶ୍ୟରେ ଏକ ସ୍ମାରକପତ୍ର ପ୍ରଦାନ କରାଯାଇଥିଲା।

ଉତ୍ତମ ଜୀବନଶୈଳୀ ମଧୁମେହରେ ରୋକ୍ ଲଗାଇବ
ସୋନପୁର, ୧୪।୧୧(ନି.ପ୍ର.)

ବିଶ୍ୱ ମଧୁମେହ ଦିବସ ଅବସରରେ ଜିଲା ମୁଖ୍ୟ ଚିକିତ୍ସାଳୟ ପରିସରରେ ଏକ ସଚେତନତା ଶିବିର ଆୟୋଜିତ ହୋଇଯାଇଛି। ମଧୁମେହ ହେଉଛି ଏକ ନୀରବ ଘାତକ ରୋଗ। ସମଗ୍ର ବିଶ୍ୱରେ ୪୨୫ ନିୟୁତ ଲୋକ ମଧୁମେହ ରୋଗରେ ଆକ୍ରାନ୍ତ। ଉତ୍ତମ ଜୀବନଶୈଳୀ, ସନ୍ତୁଳିତ ଆହାର ଓ ନିୟମିତ ବ୍ୟାୟାମ ଦ୍ୱାରା ଏହି ରୋଗକୁ ନିୟନ୍ତ୍ରଣ କରାଯାଇପାରିବ ବୋଲି ଡାକ୍ତରମାନେ ପରାମର୍ଶ ଦେଇଥିଲେ। ମୁଖ୍ୟ ଜିଲା ଚିକିତ୍ସା ଅଧିକାରୀ ଶିବିରର ଉଦ୍ଘାଟନ କରିଥିଲେ। ଶିବିରରେ ଶତାଧିକ ଲୋକଙ୍କ ରକ୍ତରେ ଶର୍କରା ମାତ୍ରା ପରୀକ୍ଷା କରାଯାଇଥିଲା। ରୋଗ ଚିହ୍ନଟ ହୋଇଥିବା ବ୍ୟକ୍ତିଙ୍କୁ ମାଗଣା ଔଷଧ ପ୍ରଦାନ କରାଯାଇଥିଲା। ଧୂମପାନ ଓ ମଦ୍ୟପାନଠାରୁ ଦୂରେଇ ରହିବାକୁ ପରାମର୍ଶ ଦିଆଯାଇଥିଲା। ଏହି ଅବସରରେ ସ୍ୱାସ୍ଥ୍ୟକର୍ମୀ, ନର୍ସିଂ ଛାତ୍ରୀ ଓ ସ୍ୱେଚ୍ଛାସେବୀମାନେ ଏକ ସଚେତନତା ଶୋଭାଯାତ୍ରା ବାହାର କରିଥିଲେ। ଶୋଭାଯାତ୍ରା ସହରର ବିଭିନ୍ନ ମାର୍ଗ ପରିକ୍ରମା କରିଥିଲା। ଡାକ୍ତରମାନେ ନିୟମିତ ସ୍ୱାସ୍ଥ୍ୟ ପରୀକ୍ଷା କରାଇବାକୁ ସାଧାରଣ ଲୋକଙ୍କୁ ଆହ୍ୱାନ ଦେଇଥିଲେ। ଜିଲା ସ୍ୱାସ୍ଥ୍ୟ ବିଭାଗ ତରଫରୁ ଆଗାମୀ ଦିନରେ ପ୍ରତି ବ୍ଲକରେ ଏଭଳି ଶିବିର ଆୟୋଜନ କରାଯିବ ବୋଲି ସୂଚନା ଦିଆଯାଇଛି। ମଧୁମେହ ରୋଗୀଙ୍କ ପାଇଁ ସ୍ୱତନ୍ତ୍ର ପରାମର୍ଶ କେନ୍ଦ୍ର ଖୋଲାଯିବ।

minu
SONALI GARM	GARMENTS
REDMI NOTE 5 PRO
MI DUAL CAMERA
ସୁବର୍ଣ୍ଣପୁର ଜିଲାରେ ୧୮ ଜଣ ବରିଷ୍ଠ ନାଗରିକ ରାଜ୍ୟ ସରକାରଙ୍କ ତୀର୍ଥଯାତ୍ରା ଯୋଜନାରେ ଓଡ଼ିଶାରେ ଓ ତୀର୍ଥସ୍ଥାନ ଯାତ୍ରା କରିଥିଲେ। ଜିଲା ପ୍ରଶାସନ ପକ୍ଷରୁ ବରିଷ୍ଠ ନାଗରିକଙ୍କୁ ବିଦାୟ ଦିଆଯାଇଥିଲା।
ଯୁବକଙ୍କ ଝୁଲନ୍ତା ମୃତଦେହ ଉଦ୍ଧାର ଘଟଣା
ହତ୍ୟା ସନ୍ଦେହ, ଥାନା ଘେରିଲେ ଗ୍ରାମବାସୀ
ଦୁଙ୍ଗୁରିପାଲି, ୧୪।୧୧(ଟି.ଏନ୍.ଏ.)
ଥାନା ଘେରାଉ ଆନ୍ଦୋଳନରେ ସାମିଲ ହୋଇଥିବା ଜନସାଧାରଣ ଓ ଅନ୍ୟମାନେ।

ସୁବର୍ଣ୍ଣପୁର ଜିଲା ଦୁଙ୍ଗୁରିପାଲି ଥାନା ଅଧୀନ ଏକ ଗ୍ରାମରେ ଜଣେ ଯୁବକଙ୍କ ଝୁଲନ୍ତା ମୃତଦେହ ଉଦ୍ଧାର ହୋଇଥିବା ଘଟଣାରେ ହତ୍ୟା ସନ୍ଦେହ କରି ଗ୍ରାମବାସୀ ଥାନା ଘେରାଉ କରିଛନ୍ତି। ମୃତ ଯୁବକଙ୍କ ପରିବାର ଲୋକେ ଅଭିଯୋଗ କରିଛନ୍ତି ଯେ ତାଙ୍କୁ ହତ୍ୟା କରି ଗଛରେ ଝୁଲାଇ ଦିଆଯାଇଛି। ପୋଲିସ ମାମଲାକୁ ଆତ୍ମହତ୍ୟା ଭାବେ ଦର୍ଶାଇବାକୁ ଚେଷ୍ଟା କରୁଛି ବୋଲି ଗ୍ରାମବାସୀଙ୍କ ଅଭିଯୋଗ। ଦୋଷୀଙ୍କୁ ତୁରନ୍ତ ଗିରଫ କରିବା ଦାବିରେ ଶହ ଶହ ଗ୍ରାମବାସୀ ଥାନା ସମ୍ମୁଖରେ ଧାରଣା ଦେଇଥିଲେ। ସୂଚନା ପାଇ ବରିଷ୍ଠ ପୋଲିସ ଅଧିକାରୀ ଘଟଣାସ୍ଥଳରେ ପହଞ୍ଚି ଆନ୍ଦୋଳନକାରୀଙ୍କ ସହ ଆଲୋଚନା କରିଥିଲେ। ନିରପେକ୍ଷ ତଦନ୍ତ କରାଯିବ ବୋଲି ପ୍ରତିଶ୍ରୁତି ଦେବା ପରେ ଆନ୍ଦୋଳନ ପ୍ରତ୍ୟାହାର କରାଯାଇଥିଲା। ମୃତଦେହକୁ ବ୍ୟବଚ୍ଛେଦ ପାଇଁ ପଠାଯାଇଛି। ବ୍ୟବଚ୍ଛେଦ ରିପୋର୍ଟ ମିଳିବା ପରେ ମୃତ୍ୟୁର ପ୍ରକୃତ କାରଣ ଜଣାପଡ଼ିବ ବୋଲି ପୋଲିସ କହିଛି। ମୃତକଙ୍କ ପିତା ଥାନାରେ ଲିଖିତ ଅଭିଯୋଗ କରିଛନ୍ତି। ପୋଲିସ

ସୁବର୍ଣ୍ଣପୁର ଜିଲା ଦୁଙ୍ଗୁରିପାଲି ଥାନା ଅଧୀନ ଏକ ଗ୍ରାମରେ ଜଣେ ଯୁବକଙ୍କ ଝୁଲନ୍ତା ମୃତଦେହ ଉଦ୍ଧାର ହୋଇଥିବା ଘଟଣାରେ ହତ୍ୟା ସନ୍ଦେହ କରି ଗ୍ରାମବାସୀ ଥାନା ଘେରାଉ କରିଛନ୍ତି। ମୃତ ଯୁବକଙ୍କ ପରିବାର ଲୋକେ ଅଭିଯୋଗ କରିଛନ୍ତି ଯେ ତାଙ୍କୁ ହତ୍ୟା କରି ଗଛରେ ଝୁଲାଇ ଦିଆଯାଇଛି। ପୋଲିସ ମାମଲାକୁ ଆତ୍ମହତ୍ୟା ଭାବେ ଦର୍ଶାଇବାକୁ ଚେଷ୍ଟା କରୁଛି ବୋଲି ଗ୍ରାମବାସୀଙ୍କ ଅଭିଯୋଗ। ଦୋଷୀଙ୍କୁ ତୁରନ୍ତ ଗିରଫ କରିବା ଦାବିରେ ଶହ ଶହ ଗ୍ରାମବାସୀ ଥାନା ସମ୍ମୁଖରେ ଧାରଣା ଦେଇଥିଲେ। ସୂଚନା ପାଇ ବରିଷ୍ଠ ପୋଲିସ ଅଧିକାରୀ ଘଟଣାସ୍ଥଳରେ ପହଞ୍ଚି ଆନ୍ଦୋଳନକାରୀଙ୍କ ସହ ଆଲୋଚନା କରିଥିଲେ। ନିରପେକ୍ଷ ତଦନ୍ତ କରାଯିବ ବୋଲି ପ୍ରତିଶ୍ରୁତି ଦେବା ପରେ ଆନ୍ଦୋଳନ ପ୍ରତ୍ୟାହାର କରାଯାଇଥିଲା। ମୃତଦେହକୁ ବ୍ୟବଚ୍ଛେଦ ପାଇଁ ପଠାଯାଇଛି। ବ୍ୟବଚ୍ଛେଦ ରିପୋର୍ଟ ମିଳିବା ପରେ ମୃତ୍ୟୁର ପ୍ରକୃତ କାରଣ ଜଣାପଡ଼ିବ ବୋଲି ପୋଲିସ କହିଛି। ମୃତକଙ୍କ ପିତା ଥାନାରେ ଲିଖିତ ଅଭିଯୋଗ କରିଛନ୍ତି। ପୋଲିସ ଅପମୃତ୍ୟୁ ମାମଲା ରୁଜୁ କରି ତଦନ୍ତ ଆରମ୍ଭ କରିଛି। ଗ୍ରାମରେ ଉତ୍ତେଜନା ଦେଖାଦେଇଥିବାରୁ ପୋଲିସ ମୁତୟନ କରାଯାଇଛି। ଘଟଣାକୁ ନେଇ ଅଞ୍ଚଳରେ ଚାଞ୍ଚଲ୍ୟ ଖେଳିଯାଇଛି। ଯୁବକ ଜଣକ ଗତ ରବିବାର ଠାରୁ ନିଖୋଜ ଥିଲେ ବୋଲି ପରିବାର ଲୋକେ

ସୁବର୍ଣ୍ଣପୁର ଜିଲା ଦୁଙ୍ଗୁରିପାଲି ଥାନା ଅଧୀନ ଏକ ଗ୍ରାମରେ ଜଣେ ଯୁବକଙ୍କ ଝୁଲନ୍ତା ମୃତଦେହ ଉଦ୍ଧାର ହୋଇଥିବା ଘଟଣାରେ ହତ୍ୟା ସନ୍ଦେହ କରି ଗ୍ରାମବାସୀ ଥାନା ଘେରାଉ କରିଛନ୍ତି। ମୃତ ଯୁବକଙ୍କ ପରିବାର ଲୋକେ ଅଭିଯୋଗ କରିଛନ୍ତି ଯେ ତାଙ୍କୁ ହତ୍ୟା କରି ଗଛରେ ଝୁଲାଇ ଦିଆଯାଇଛି। ପୋଲିସ ମାମଲାକୁ

୧୬
